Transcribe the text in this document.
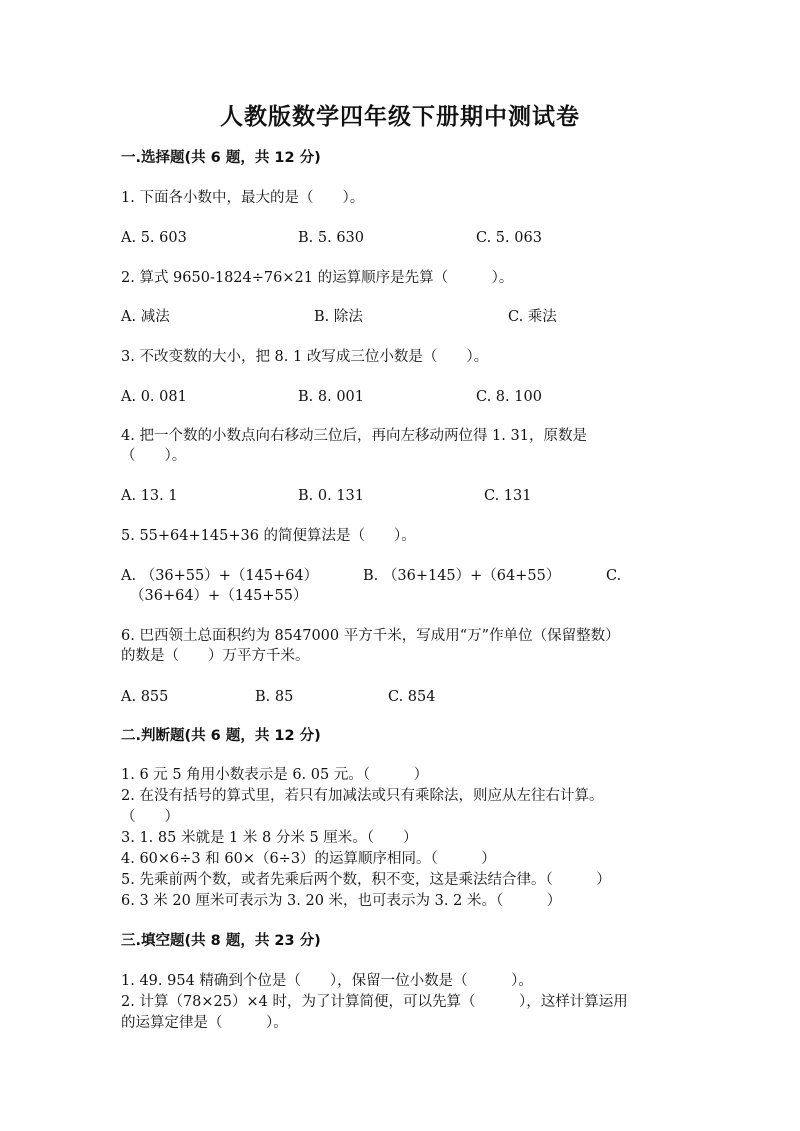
人教版数学四年级下册期中测试卷
一.选择题(共 6 题，共 12 分)
1. 下面各小数中，最大的是（　　）。
A. 5. 603	B. 5. 630	C. 5. 063
2. 算式 9650-1824÷76×21 的运算顺序是先算（　　　）。
A. 减法	B. 除法	C. 乘法
3. 不改变数的大小，把 8. 1 改写成三位小数是（　　）。
A. 0. 081	B. 8. 001	C. 8. 100
4. 把一个数的小数点向右移动三位后，再向左移动两位得 1. 31，原数是
（　　）。
A. 13. 1	B. 0. 131	C. 131
5. 55+64+145+36 的简便算法是（　　）。
A. （36+55）+（145+64）	B. （36+145）+（64+55）	C.
（36+64）+（145+55）
6. 巴西领土总面积约为 8547000 平方千米，写成用“万”作单位（保留整数）
的数是（　　）万平方千米。
A. 855	B. 85	C. 854
二.判断题(共 6 题，共 12 分)
1. 6 元 5 角用小数表示是 6. 05 元。（　　　）
2. 在没有括号的算式里，若只有加减法或只有乘除法，则应从左往右计算。
（　　）
3. 1. 85 米就是 1 米 8 分米 5 厘米。（　　）
4. 60×6÷3 和 60×（6÷3）的运算顺序相同。（　　　）
5. 先乘前两个数，或者先乘后两个数，积不变，这是乘法结合律。（　　　）
6. 3 米 20 厘米可表示为 3. 20 米，也可表示为 3. 2 米。（　　　）
三.填空题(共 8 题，共 23 分)
1. 49. 954 精确到个位是（　　），保留一位小数是（　　　）。
2. 计算（78×25）×4 时，为了计算简便，可以先算（　　　），这样计算运用
的运算定律是（　　　）。
